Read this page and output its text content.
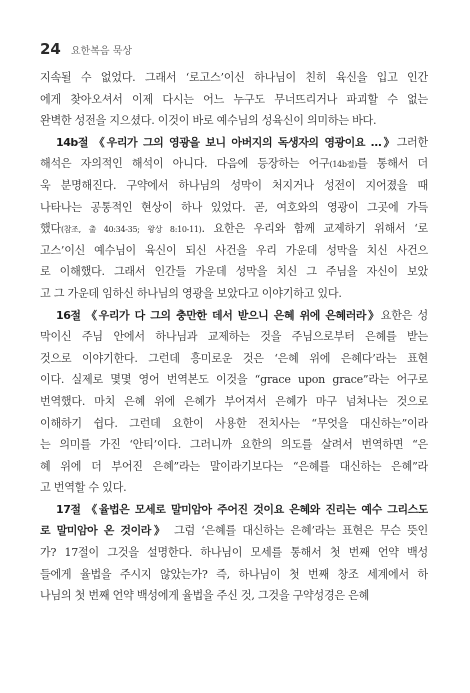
24 요한복음 묵상
지속될 수 없었다. 그래서 ‘로고스’이신 하나님이 친히 육신을 입고 인간
에게 찾아오셔서 이제 다시는 어느 누구도 무너뜨리거나 파괴할 수 없는
완벽한 성전을 지으셨다. 이것이 바로 예수님의 성육신이 의미하는 바다.
14b절 《우리가 그의 영광을 보니 아버지의 독생자의 영광이요 …》그러한
해석은 자의적인 해석이 아니다. 다음에 등장하는 어구(14b절)를 통해서 더
욱 분명해진다. 구약에서 하나님의 성막이 처지거나 성전이 지어졌을 때
나타나는 공통적인 현상이 하나 있었다. 곧, 여호와의 영광이 그곳에 가득
했다(참조, 출 40:34-35; 왕상 8:10-11). 요한은 우리와 함께 교제하기 위해서 ‘로
고스’이신 예수님이 육신이 되신 사건을 우리 가운데 성막을 치신 사건으
로 이해했다. 그래서 인간들 가운데 성막을 치신 그 주님을 자신이 보았
고 그 가운데 임하신 하나님의 영광을 보았다고 이야기하고 있다.
16절 《우리가 다 그의 충만한 데서 받으니 은혜 위에 은혜러라》요한은 성
막이신 주님 안에서 하나님과 교제하는 것을 주님으로부터 은혜를 받는
것으로 이야기한다. 그런데 흥미로운 것은 ‘은혜 위에 은혜다’라는 표현
이다. 실제로 몇몇 영어 번역본도 이것을 “grace upon grace”라는 어구로
번역했다. 마치 은혜 위에 은혜가 부어져서 은혜가 마구 넘쳐나는 것으로
이해하기 쉽다. 그런데 요한이 사용한 전치사는 “무엇을 대신하는”이라
는 의미를 가진 ‘안티’이다. 그러니까 요한의 의도를 살려서 번역하면 “은
혜 위에 더 부어진 은혜”라는 말이라기보다는 “은혜를 대신하는 은혜”라
고 번역할 수 있다.
17절 《율법은 모세로 말미암아 주어진 것이요 은혜와 진리는 예수 그리스도
로 말미암아 온 것이라》 그럼 ‘은혜를 대신하는 은혜’라는 표현은 무슨 뜻인
가? 17절이 그것을 설명한다. 하나님이 모세를 통해서 첫 번째 언약 백성
들에게 율법을 주시지 않았는가? 즉, 하나님이 첫 번째 창조 세계에서 하
나님의 첫 번째 언약 백성에게 율법을 주신 것, 그것을 구약성경은 은혜
